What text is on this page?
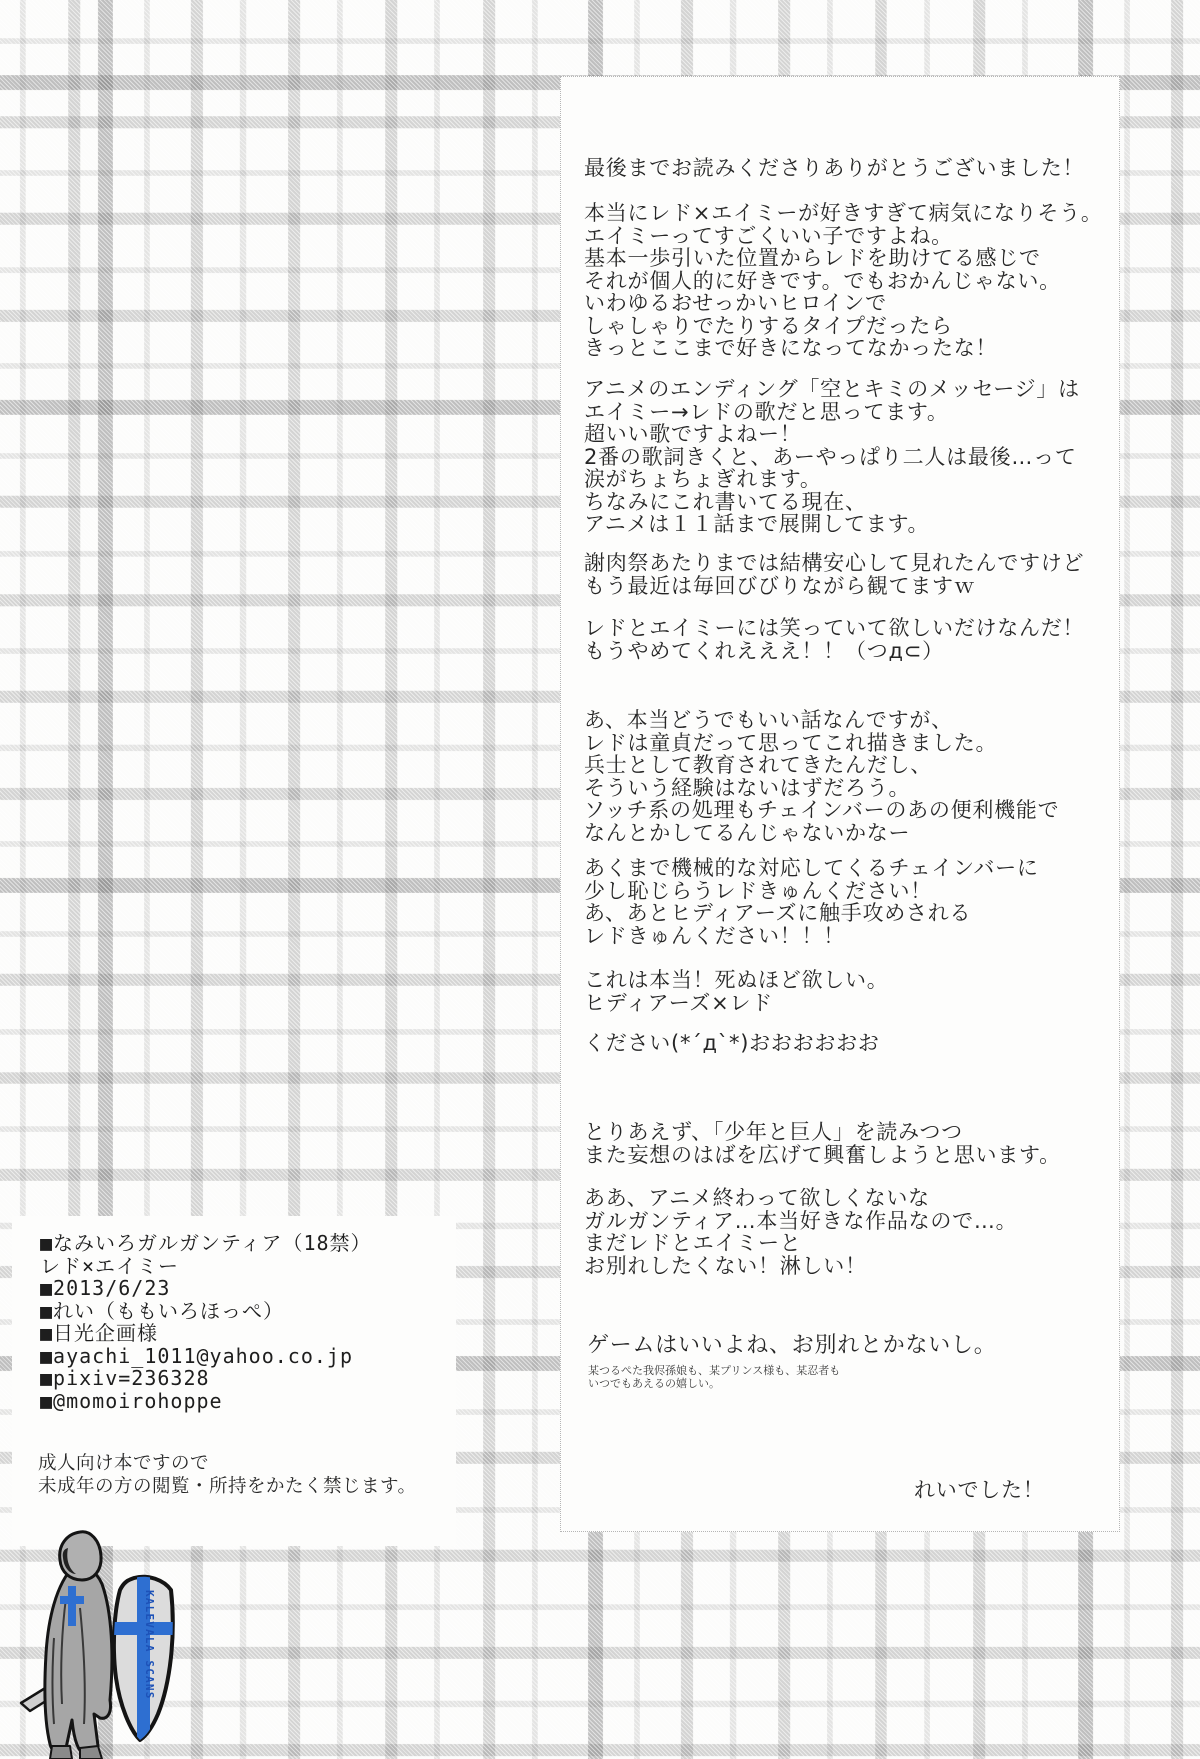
最後までお読みくださりありがとうございました！

本当にレド×エイミーが好きすぎて病気になりそう。
エイミーってすごくいい子ですよね。
基本一歩引いた位置からレドを助けてる感じで
それが個人的に好きです。でもおかんじゃない。
いわゆるおせっかいヒロインで
しゃしゃりでたりするタイプだったら
きっとここまで好きになってなかったな！

アニメのエンディング「空とキミのメッセージ」は
エイミー→レドの歌だと思ってます。
超いい歌ですよねー！
2番の歌詞きくと、あーやっぱり二人は最後…って
涙がちょちょぎれます。
ちなみにこれ書いてる現在、
アニメは１１話まで展開してます。

謝肉祭あたりまでは結構安心して見れたんですけど
もう最近は毎回びびりながら観てますｗ

レドとエイミーには笑っていて欲しいだけなんだ！
もうやめてくれえええ！！（つд⊂）

あ、本当どうでもいい話なんですが、
レドは童貞だって思ってこれ描きました。
兵士として教育されてきたんだし、
そういう経験はないはずだろう。
ソッチ系の処理もチェインバーのあの便利機能で
なんとかしてるんじゃないかなー

あくまで機械的な対応してくるチェインバーに
少し恥じらうレドきゅんください！
あ、あとヒディアーズに触手攻めされる
レドきゅんください！！！

これは本当！死ぬほど欲しい。
ヒディアーズ×レド

ください(*´д`*)おおおおおお

とりあえず、「少年と巨人」を読みつつ
また妄想のはばを広げて興奮しようと思います。

ああ、アニメ終わって欲しくないな
ガルガンティア…本当好きな作品なので…。
まだレドとエイミーと
お別れしたくない！淋しい！

ゲームはいいよね、お別れとかないし。

某つるぺた我侭孫娘も、某プリンス様も、某忍者も
いつでもあえるの嬉しい。

れいでした！

■なみいろガルガンティア（18禁）
レド×エイミー
■2013/6/23
■れい（ももいろほっぺ）
■日光企画様
■ayachi_1011@yahoo.co.jp
■pixiv=236328
■@momoirohoppe

成人向け本ですので
未成年の方の閲覧・所持をかたく禁じます。

KALEVALA SCANS
